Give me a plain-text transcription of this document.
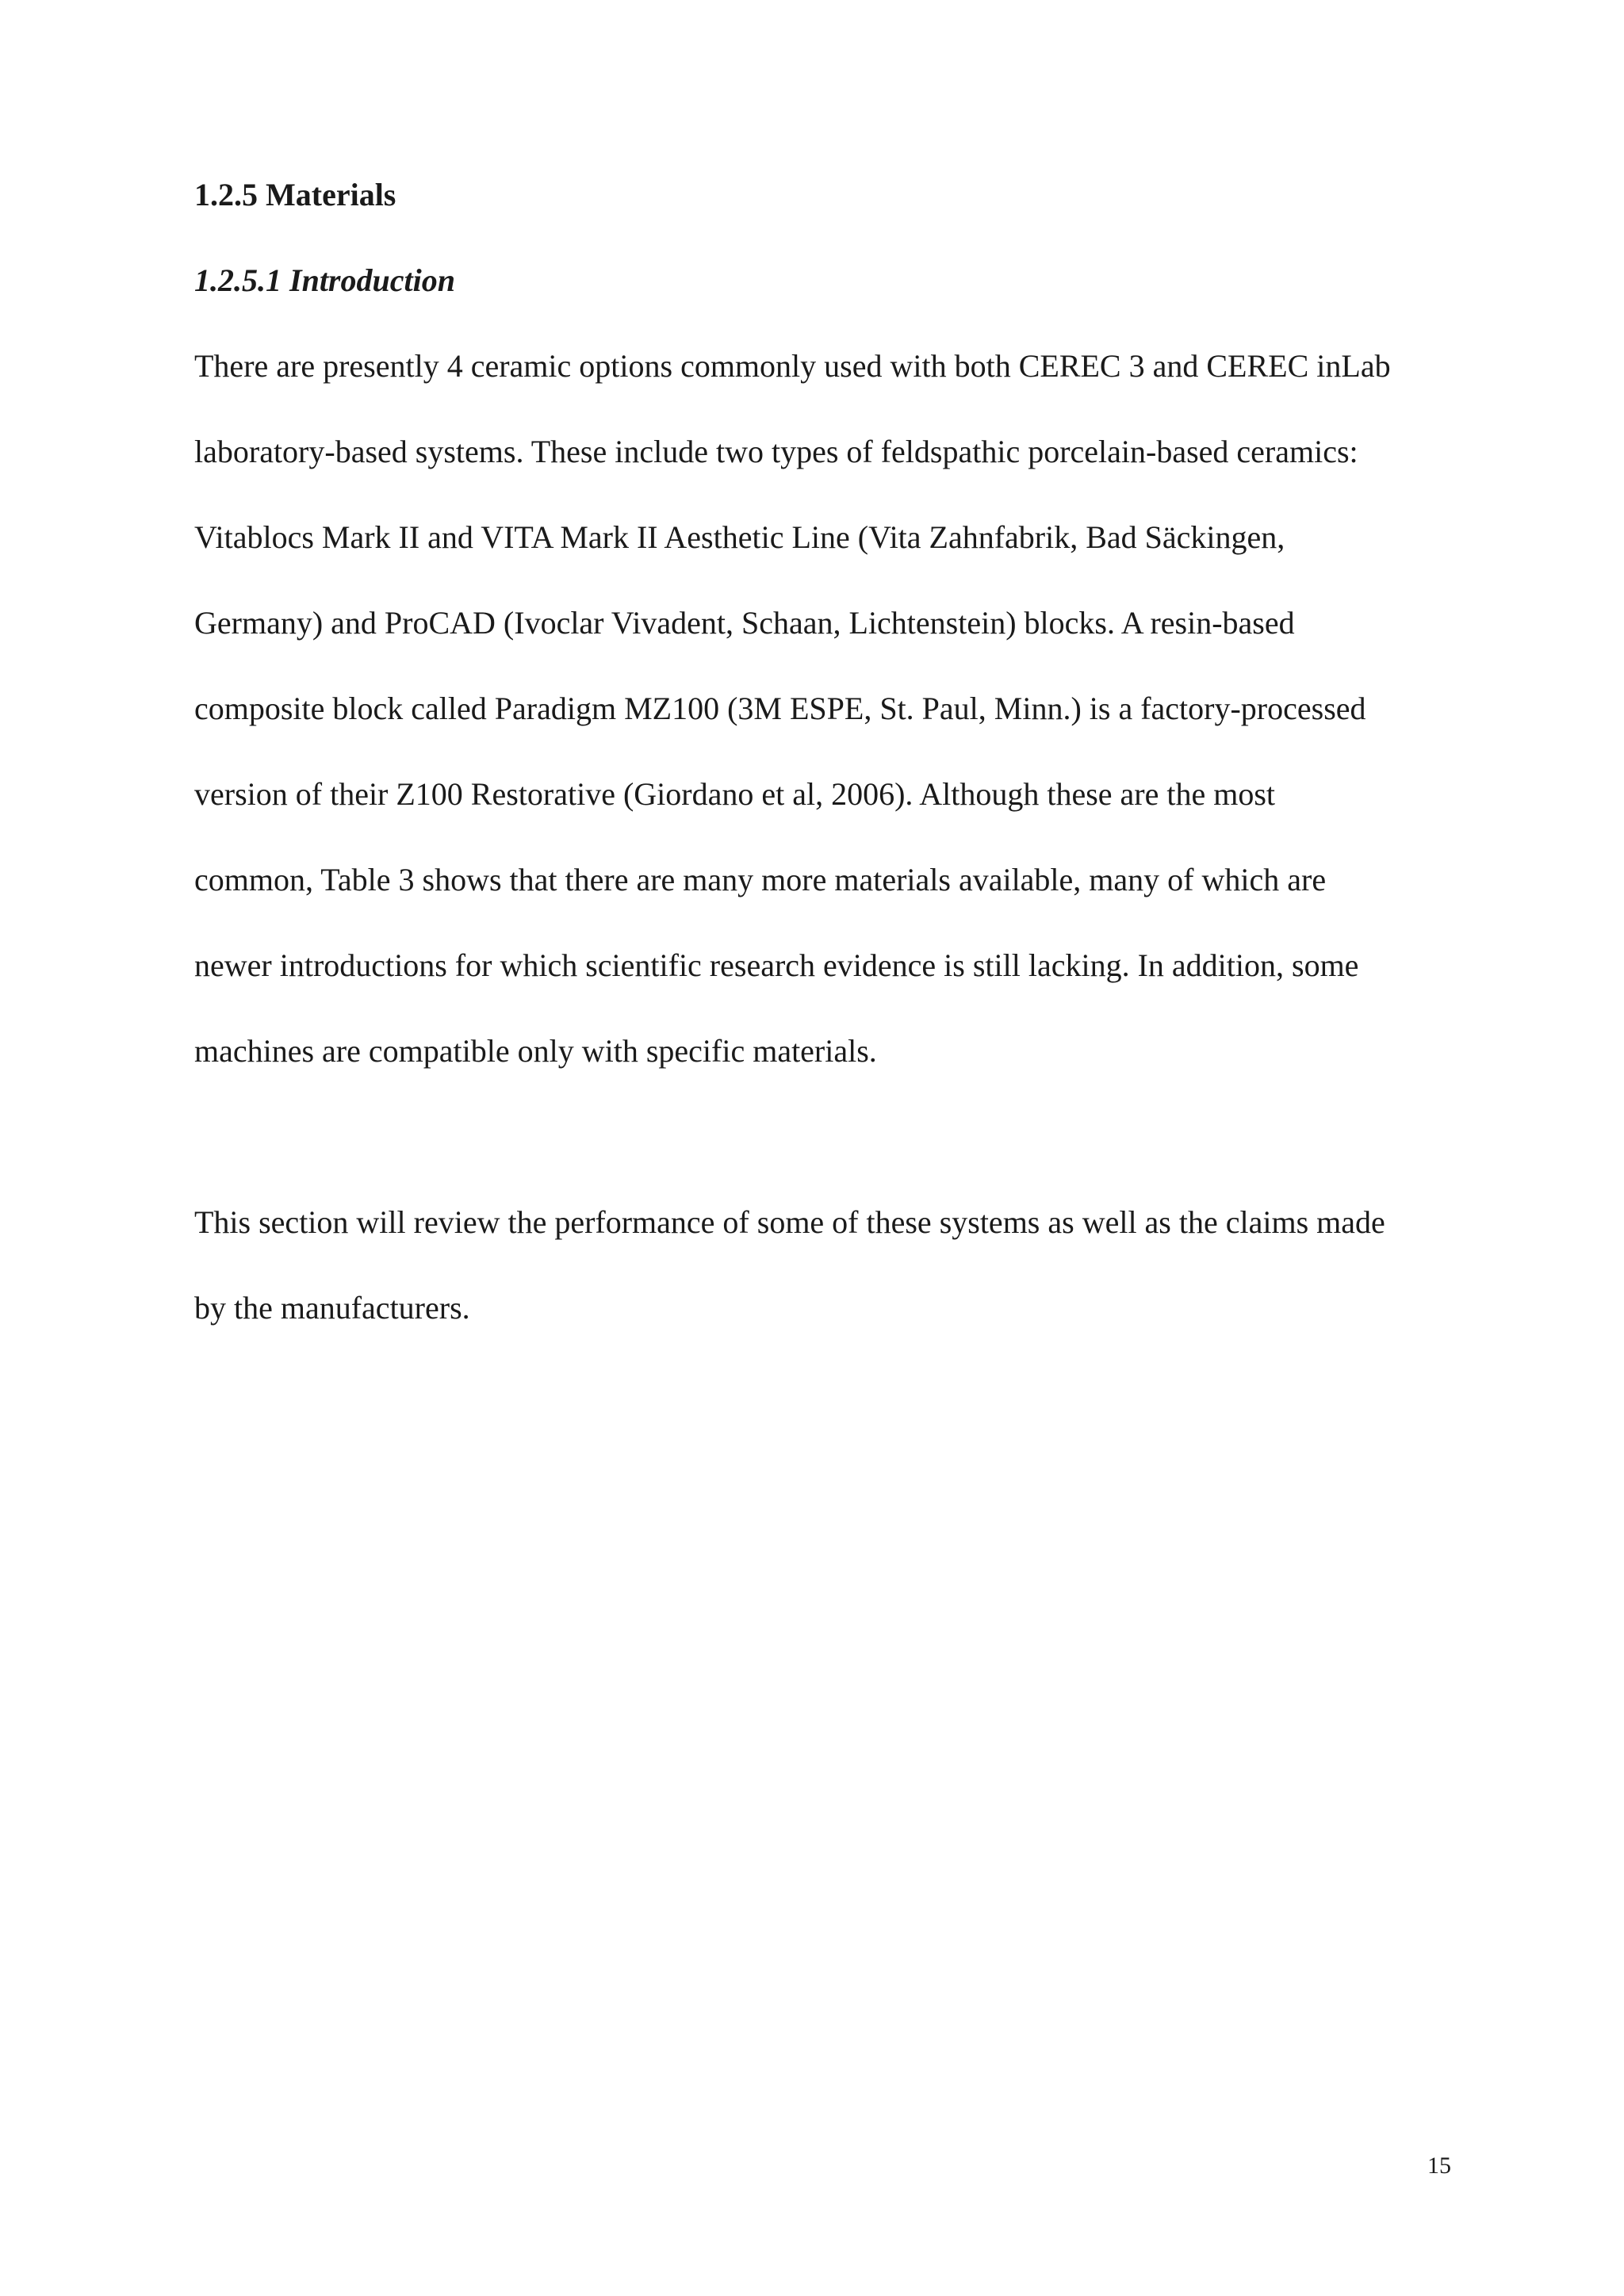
1.2.5 Materials
1.2.5.1 Introduction

There are presently 4 ceramic options commonly used with both CEREC 3 and CEREC inLab

laboratory-based systems. These include two types of feldspathic porcelain-based ceramics:

Vitablocs Mark II and VITA Mark II Aesthetic Line (Vita Zahnfabrik, Bad Säckingen,

Germany) and ProCAD (Ivoclar Vivadent, Schaan, Lichtenstein) blocks. A resin-based

composite block called Paradigm MZ100 (3M ESPE, St. Paul, Minn.) is a factory-processed

version of their Z100 Restorative (Giordano et al, 2006). Although these are the most

common, Table 3 shows that there are many more materials available, many of which are

newer introductions for which scientific research evidence is still lacking. In addition, some

machines are compatible only with specific materials.

This section will review the performance of some of these systems as well as the claims made

by the manufacturers.

15
